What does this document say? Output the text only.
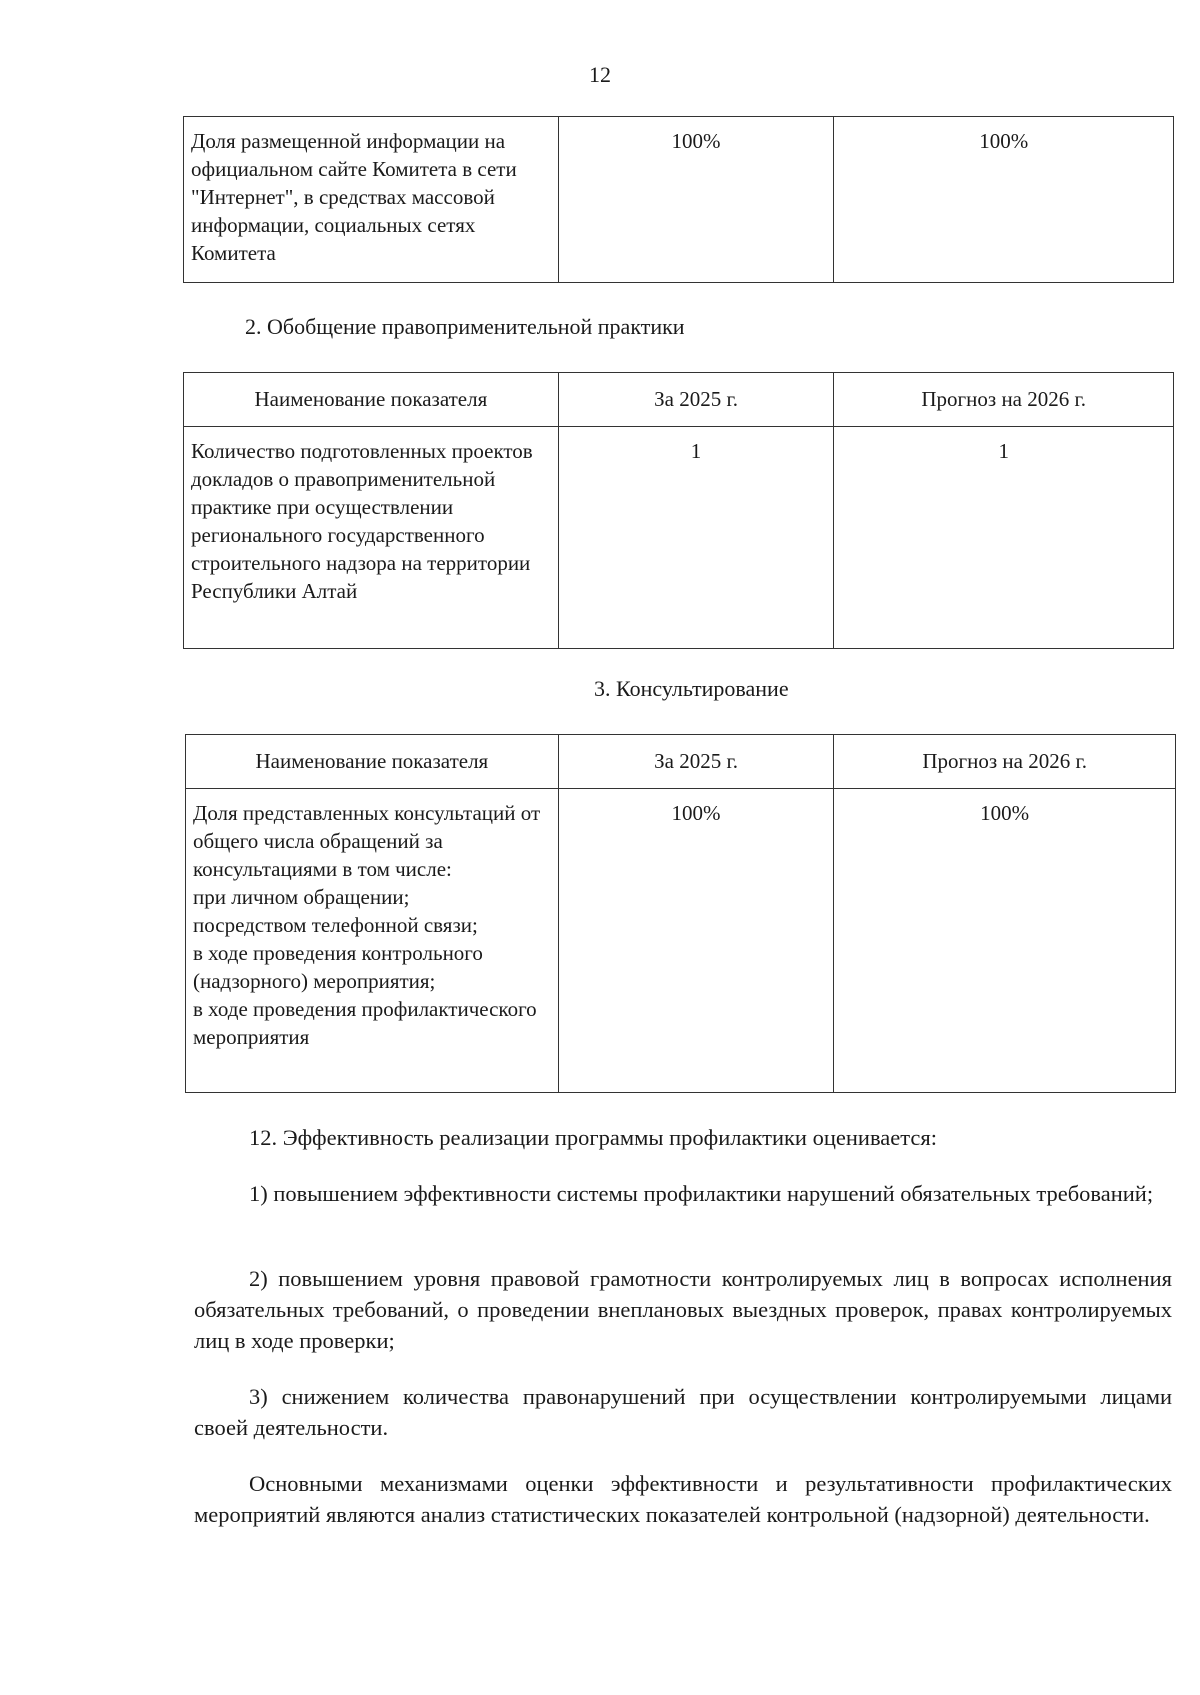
12
Доля размещенной информации на официальном сайте Комитета в сети "Интернет", в средствах массовой информации, социальных сетях Комитета	100%	100%
2. Обобщение правоприменительной практики
Наименование показателя	За 2025 г.	Прогноз на 2026 г.
Количество подготовленных проектов докладов о правоприменительной практике при осуществлении регионального государственного строительного надзора на территории Республики Алтай	1	1
3. Консультирование
Наименование показателя	За 2025 г.	Прогноз на 2026 г.

Доля представленных консультаций от общего числа обращений за консультациями в том числе:
при личном обращении;
посредством телефонной связи;
в ходе проведения контрольного (надзорного) мероприятия;
в ходе проведения профилактического мероприятия	100%	100%

12. Эффективность реализации программы профилактики оценивается:

1) повышением эффективности системы профилактики нарушений обязательных требований;

2) повышением уровня правовой грамотности контролируемых лиц в вопросах исполнения обязательных требований, о проведении внеплановых выездных проверок, правах контролируемых лиц в ходе проверки;

3) снижением количества правонарушений при осуществлении контролируемыми лицами своей деятельности.

Основными механизмами оценки эффективности и результативности профилактических мероприятий являются анализ статистических показателей контрольной (надзорной) деятельности.
